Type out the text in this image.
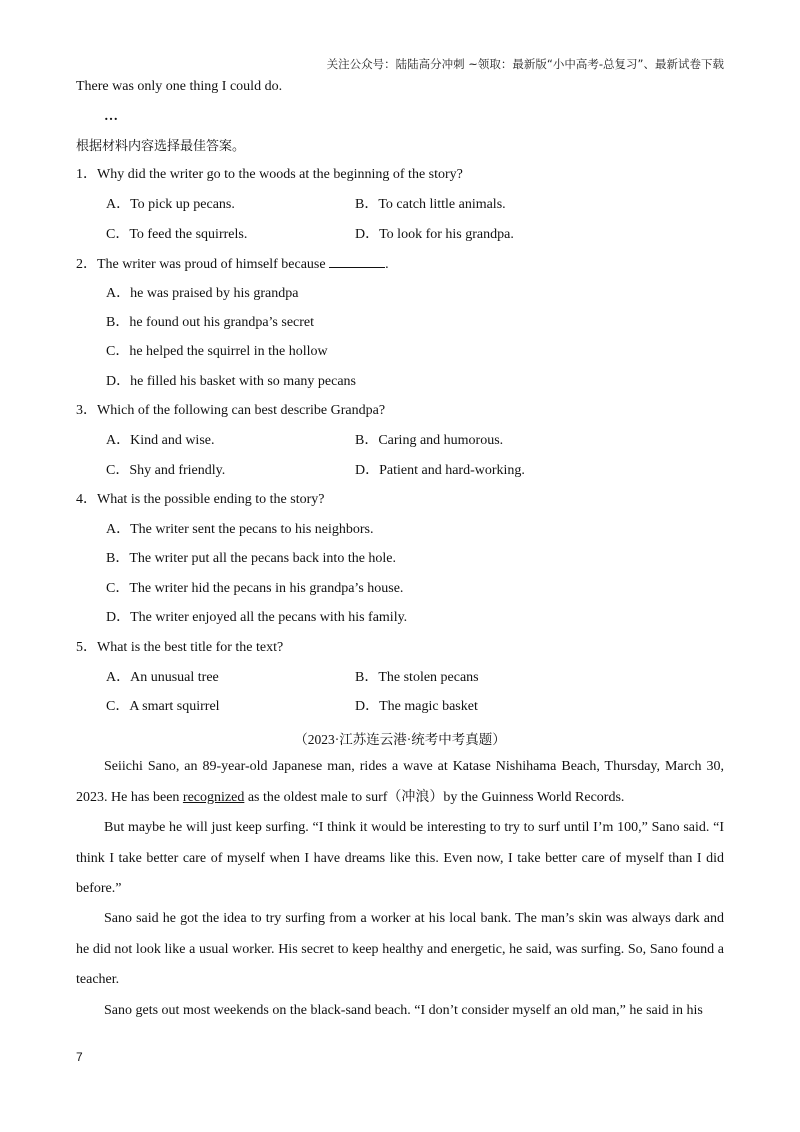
关注公众号：陆陆高分冲刺 ~领取：最新版“小中高考-总复习”、最新试卷下载
There was only one thing I could do.
…
根据材料内容选择最佳答案。
1．Why did the writer go to the woods at the beginning of the story?
A．To pick up pecans.	B．To catch little animals.
C．To feed the squirrels.	D．To look for his grandpa.
2．The writer was proud of himself because	.
A．he was praised by his grandpa
B．he found out his grandpa’s secret
C．he helped the squirrel in the hollow
D．he filled his basket with so many pecans
3．Which of the following can best describe Grandpa?
A．Kind and wise.	B．Caring and humorous.
C．Shy and friendly.	D．Patient and hard-working.
4．What is the possible ending to the story?
A．The writer sent the pecans to his neighbors.
B．The writer put all the pecans back into the hole.
C．The writer hid the pecans in his grandpa’s house.
D．The writer enjoyed all the pecans with his family.
5．What is the best title for the text?
A．An unusual tree	B．The stolen pecans
C．A smart squirrel	D．The magic basket
（2023·江苏连云港·统考中考真题）
Seiichi Sano, an 89-year-old Japanese man, rides a wave at Katase Nishihama Beach, Thursday, March 30, 2023. He has been recognized as the oldest male to surf（冲浪）by the Guinness World Records.
But maybe he will just keep surfing. “I think it would be interesting to try to surf until I’m 100,” Sano said. “I think I take better care of myself when I have dreams like this. Even now, I take better care of myself than I did before.”
Sano said he got the idea to try surfing from a worker at his local bank. The man’s skin was always dark and he did not look like a usual worker. His secret to keep healthy and energetic, he said, was surfing. So, Sano found a teacher.
Sano gets out most weekends on the black-sand beach. “I don’t consider myself an old man,” he said in his
7
